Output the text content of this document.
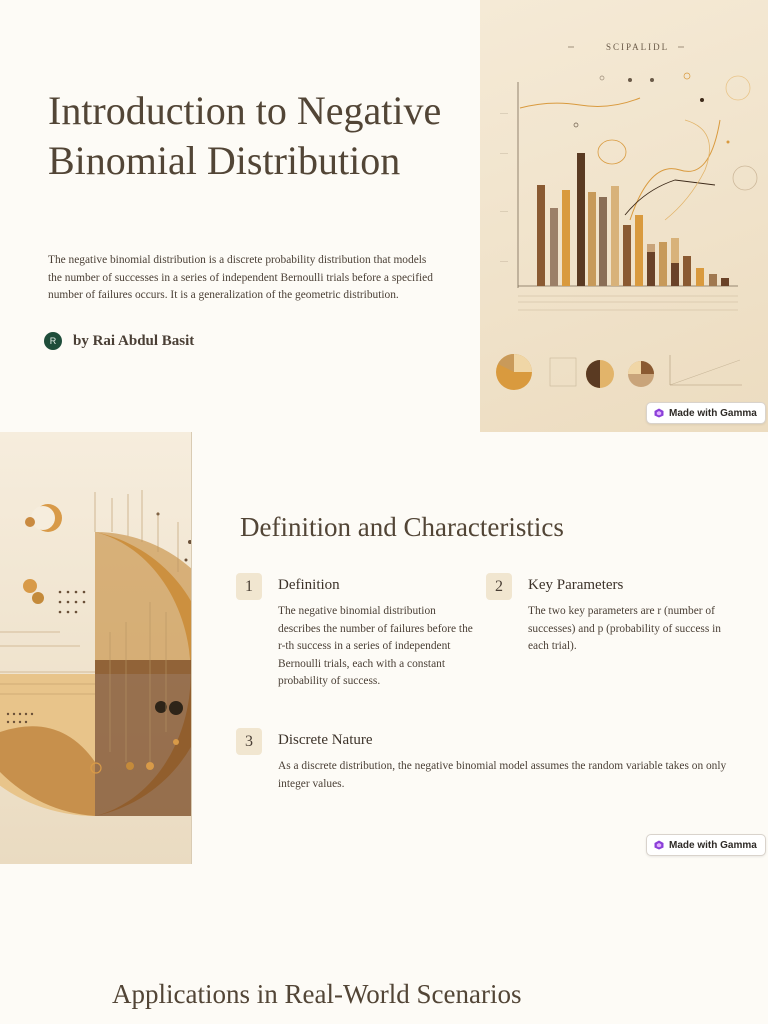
Introduction to Negative Binomial Distribution

The negative binomial distribution is a discrete probability distribution that models the number of successes in a series of independent Bernoulli trials before a specified number of failures occurs. It is a generalization of the geometric distribution.

R	by Rai Abdul Basit
SCIPALIDL
——
——
——
——
Made with Gamma
Definition and Characteristics
1	Definition

The negative binomial distribution describes the number of failures before the r-th success in a series of independent Bernoulli trials, each with a constant probability of success.

2	Key Parameters

The two key parameters are r (number of successes) and p (probability of success in each trial).

3	Discrete Nature

As a discrete distribution, the negative binomial model assumes the random variable takes on only integer values.

Made with Gamma
Applications in Real-World Scenarios
